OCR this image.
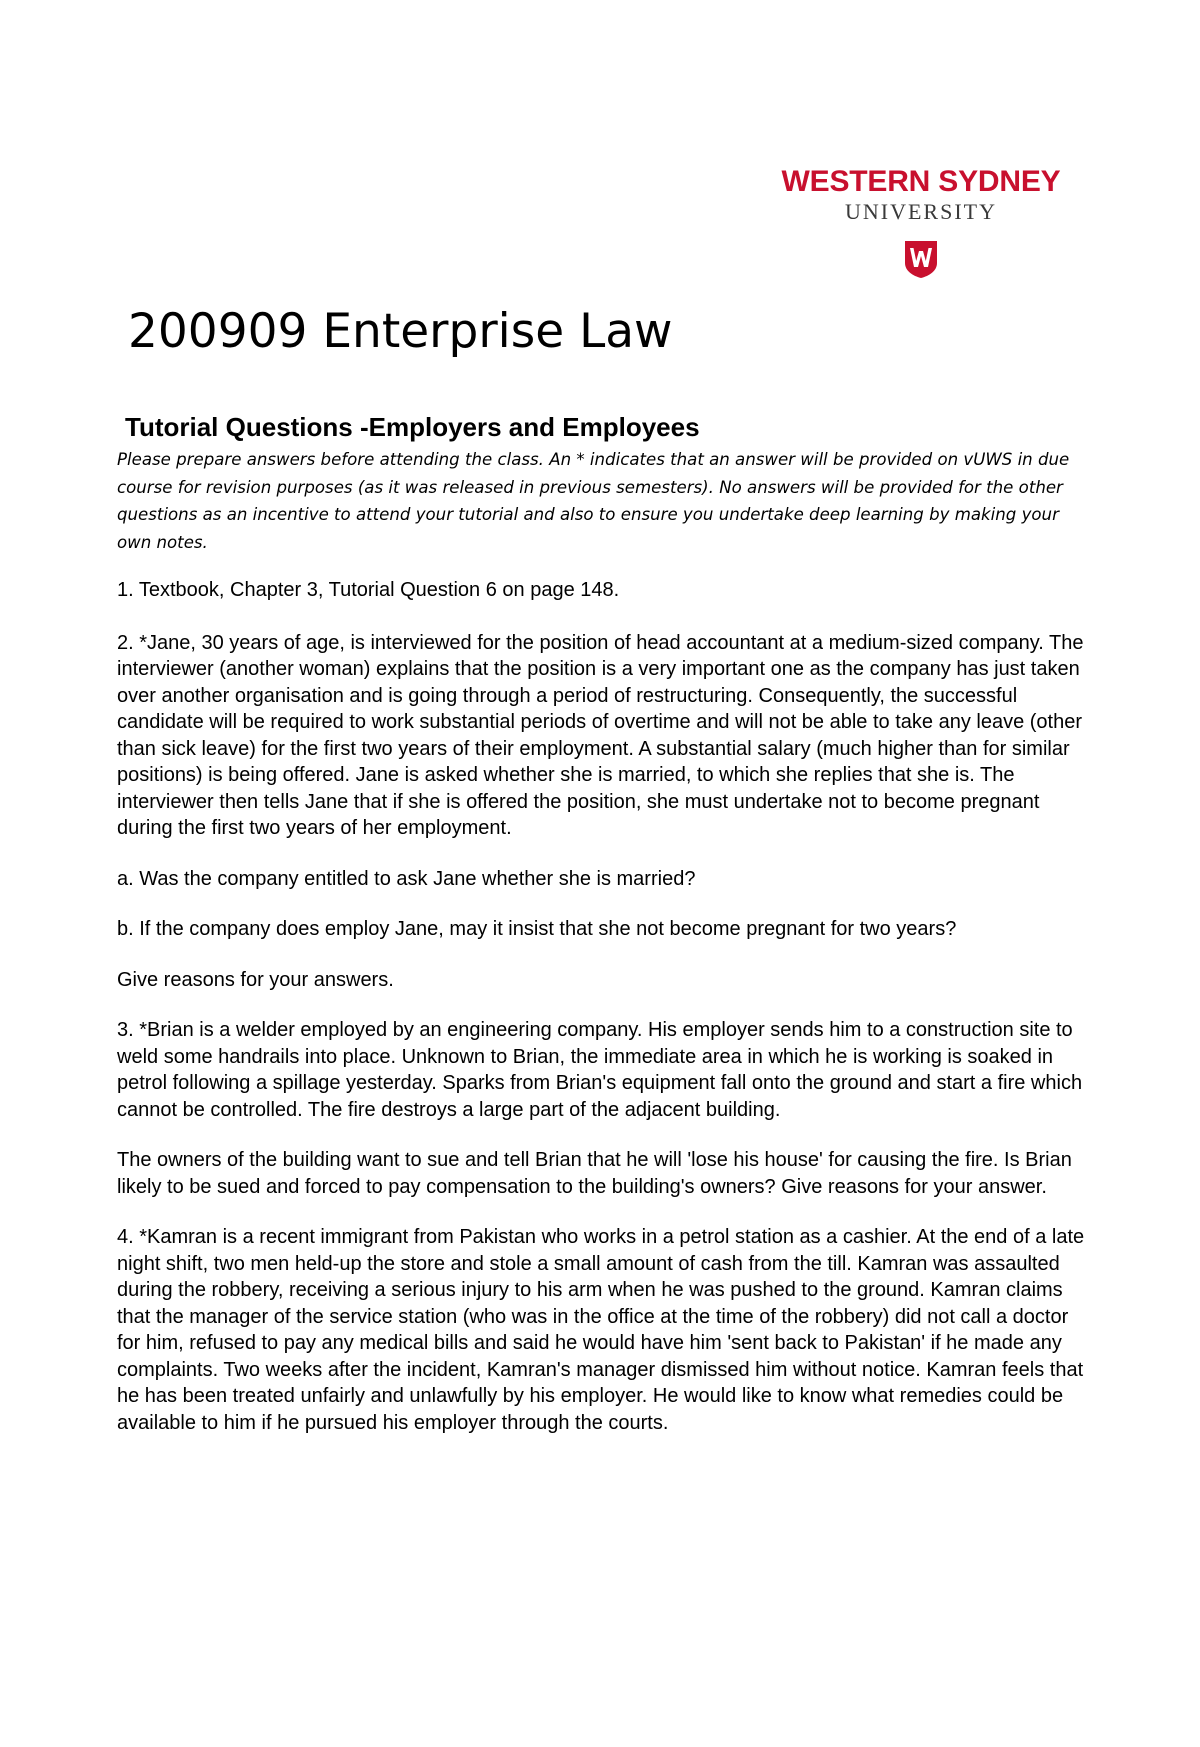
WESTERN SYDNEY
UNIVERSITY
200909 Enterprise Law
Tutorial Questions -Employers and Employees

Please prepare answers before attending the class. An * indicates that an answer will be provided on vUWS in due course for revision purposes (as it was released in previous semesters). No answers will be provided for the other questions as an incentive to attend your tutorial and also to ensure you undertake deep learning by making your own notes.

1. Textbook, Chapter 3, Tutorial Question 6 on page 148.

2. *Jane, 30 years of age, is interviewed for the position of head accountant at a medium-sized company. The interviewer (another woman) explains that the position is a very important one as the company has just taken over another organisation and is going through a period of restructuring. Consequently, the successful candidate will be required to work substantial periods of overtime and will not be able to take any leave (other than sick leave) for the first two years of their employment. A substantial salary (much higher than for similar positions) is being offered. Jane is asked whether she is married, to which she replies that she is. The interviewer then tells Jane that if she is offered the position, she must undertake not to become pregnant during the first two years of her employment.

a. Was the company entitled to ask Jane whether she is married?

b. If the company does employ Jane, may it insist that she not become pregnant for two years?

Give reasons for your answers.

3. *Brian is a welder employed by an engineering company. His employer sends him to a construction site to weld some handrails into place. Unknown to Brian, the immediate area in which he is working is soaked in petrol following a spillage yesterday. Sparks from Brian's equipment fall onto the ground and start a fire which cannot be controlled. The fire destroys a large part of the adjacent building.

The owners of the building want to sue and tell Brian that he will 'lose his house' for causing the fire. Is Brian likely to be sued and forced to pay compensation to the building's owners? Give reasons for your answer.

4. *Kamran is a recent immigrant from Pakistan who works in a petrol station as a cashier. At the end of a late night shift, two men held-up the store and stole a small amount of cash from the till. Kamran was assaulted during the robbery, receiving a serious injury to his arm when he was pushed to the ground. Kamran claims that the manager of the service station (who was in the office at the time of the robbery) did not call a doctor for him, refused to pay any medical bills and said he would have him 'sent back to Pakistan' if he made any complaints. Two weeks after the incident, Kamran's manager dismissed him without notice. Kamran feels that he has been treated unfairly and unlawfully by his employer. He would like to know what remedies could be available to him if he pursued his employer through the courts.
